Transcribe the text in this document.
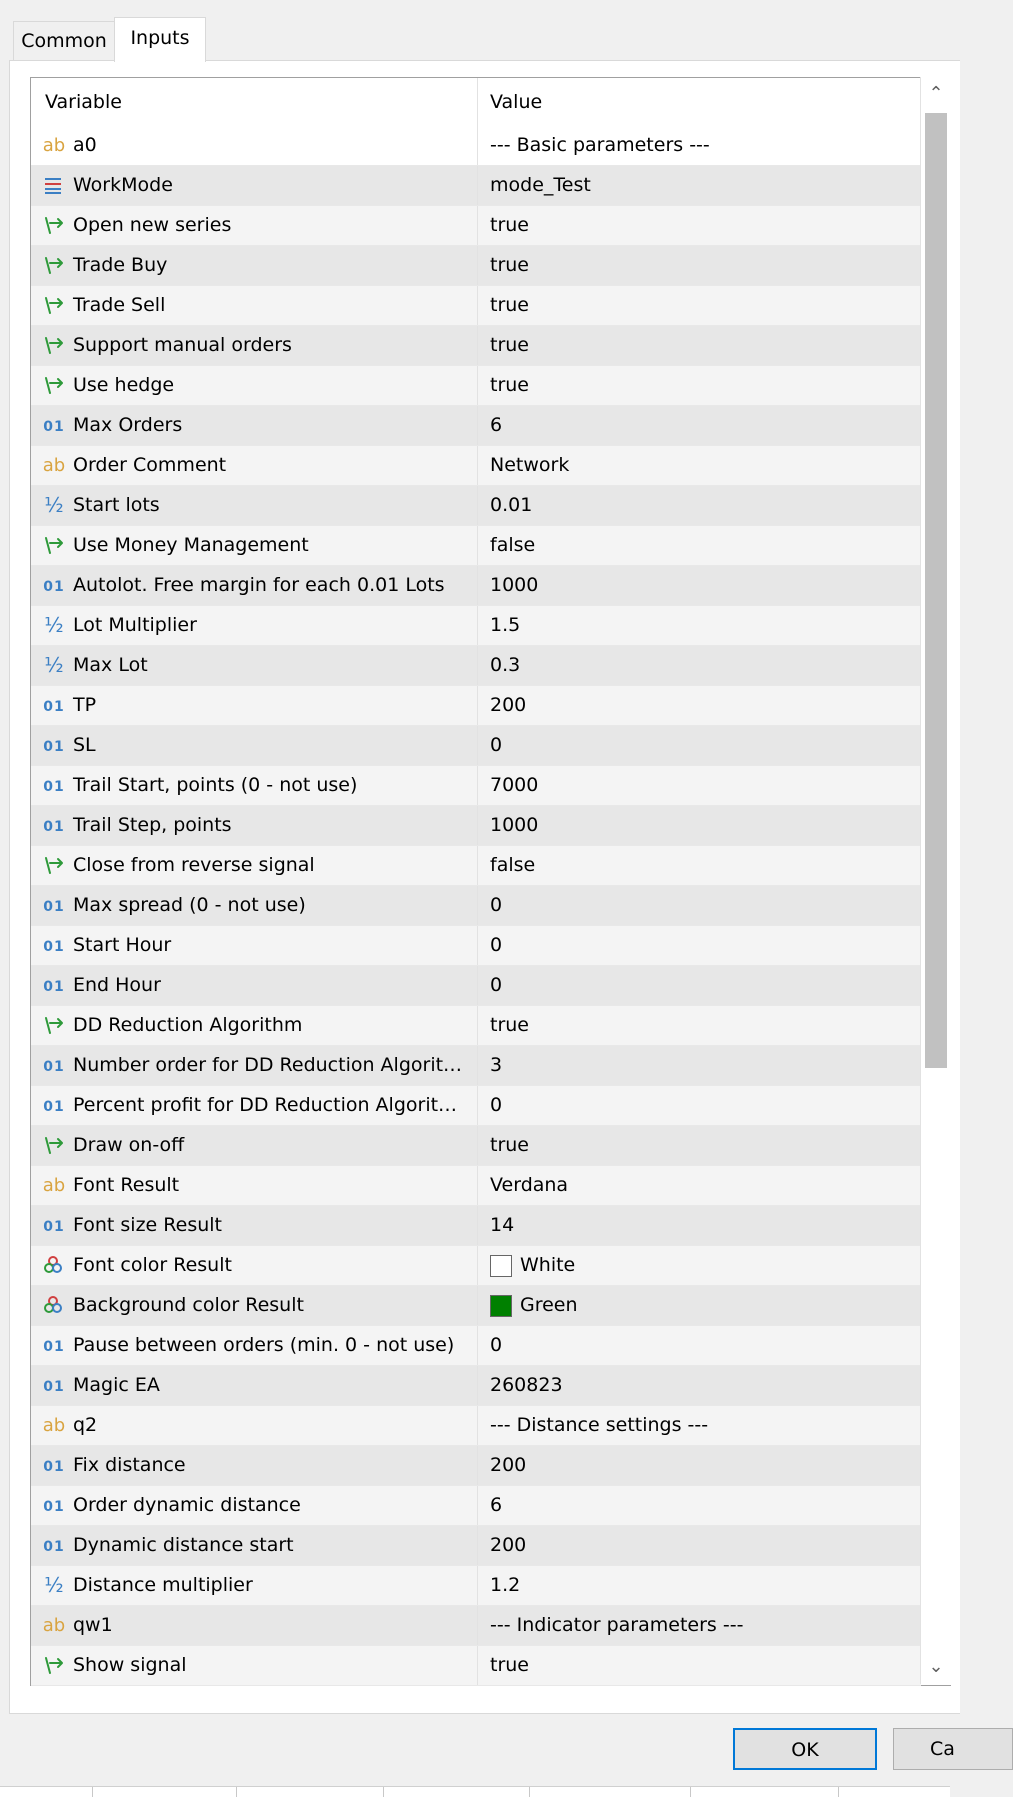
Common	Inputs
Variable	Value
ab a0	--- Basic parameters ---
WorkMode	mode_Test
Open new series	true
Trade Buy	true
Trade Sell	true
Support manual orders	true
Use hedge	true
01 Max Orders	6
ab Order Comment	Network
½ Start lots	0.01
Use Money Management	false
01 Autolot. Free margin for each 0.01 Lots 1000
½ Lot Multiplier	1.5
½ Max Lot	0.3
01 TP	200
01 SL	0
01 Trail Start, points (0 - not use)	7000
01 Trail Step, points	1000
Close from reverse signal	false
01 Max spread (0 - not use)	0
01 Start Hour	0
01 End Hour	0
DD Reduction Algorithm	true
01 Number order for DD Reduction Algorit… 3
01 Percent profit for DD Reduction Algorit… 0
Draw on-off	true
ab Font Result	Verdana
01 Font size Result	14
Font color Result	White
Background color Result	Green
01 Pause between orders (min. 0 - not use) 0
01 Magic EA	260823
ab q2	--- Distance settings ---
01 Fix distance	200
01 Order dynamic distance	6
01 Dynamic distance start	200
½ Distance multiplier	1.2
ab qw1	--- Indicator parameters ---
Show signal	true
⌃
⌄
OK	Ca
